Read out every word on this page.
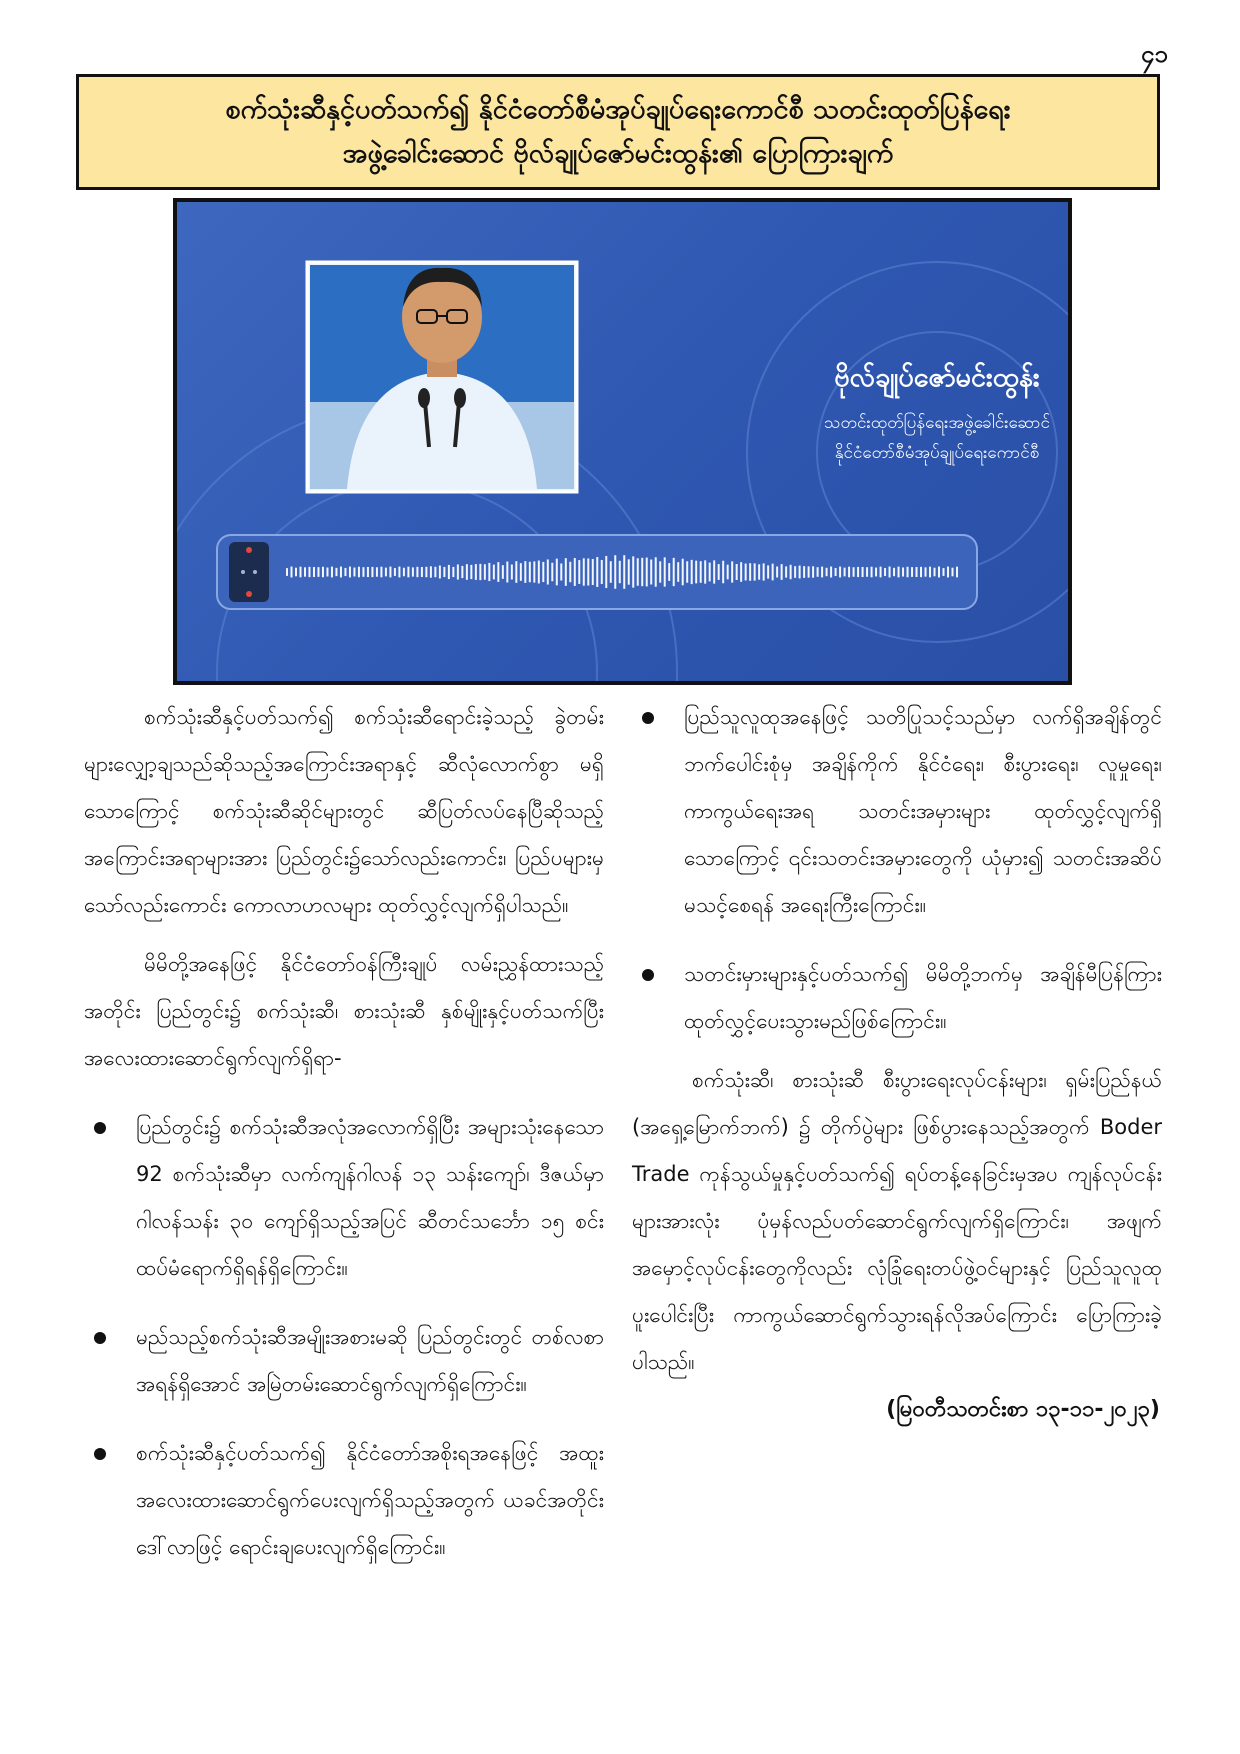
၄၁
စက်သုံးဆီနှင့်ပတ်သက်၍ နိုင်ငံတော်စီမံအုပ်ချုပ်ရေးကောင်စီ သတင်းထုတ်ပြန်ရေး
အဖွဲ့ခေါင်းဆောင် ဗိုလ်ချုပ်ဇော်မင်းထွန်း၏ ပြောကြားချက်
ဗိုလ်ချုပ်ဇော်မင်းထွန်း
သတင်းထုတ်ပြန်ရေးအဖွဲ့ခေါင်းဆောင်
နိုင်ငံတော်စီမံအုပ်ချုပ်ရေးကောင်စီ

စက်သုံးဆီနှင့်ပတ်သက်၍ စက်သုံးဆီရောင်းခဲ့သည့် ခွဲတမ်းများလျှော့ချသည်ဆိုသည့်အကြောင်းအရာနှင့် ဆီလုံလောက်စွာ မရှိသောကြောင့် စက်သုံးဆီဆိုင်များတွင် ဆီပြတ်လပ်နေပြီဆိုသည့်အကြောင်းအရာများအား ပြည်တွင်း၌သော်လည်းကောင်း၊ ပြည်ပများမှသော်လည်းကောင်း ကောလာဟလများ ထုတ်လွှင့်လျက်ရှိပါသည်။

မိမိတို့အနေဖြင့် နိုင်ငံတော်ဝန်ကြီးချုပ် လမ်းညွှန်ထားသည့်အတိုင်း ပြည်တွင်း၌ စက်သုံးဆီ၊ စားသုံးဆီ နှစ်မျိုးနှင့်ပတ်သက်ပြီး အလေးထားဆောင်ရွက်လျက်ရှိရာ-

ပြည်တွင်း၌ စက်သုံးဆီအလုံအလောက်ရှိပြီး အများသုံးနေသော 92 စက်သုံးဆီမှာ လက်ကျန်ဂါလန် ၁၃ သန်းကျော်၊ ဒီဇယ်မှာ ဂါလန်သန်း ၃၀ ကျော်ရှိသည့်အပြင် ဆီတင်သင်္ဘော ၁၅ စင်း ထပ်မံရောက်ရှိရန်ရှိကြောင်း။
မည်သည့်စက်သုံးဆီအမျိုးအစားမဆို ပြည်တွင်းတွင် တစ်လစာ အရန်ရှိအောင် အမြဲတမ်းဆောင်ရွက်လျက်ရှိကြောင်း။
စက်သုံးဆီနှင့်ပတ်သက်၍ နိုင်ငံတော်အစိုးရအနေဖြင့် အထူးအလေးထားဆောင်ရွက်ပေးလျက်ရှိသည့်အတွက် ယခင်အတိုင်း ဒေါ်လာဖြင့် ရောင်းချပေးလျက်ရှိကြောင်း။
ပြည်သူလူထုအနေဖြင့် သတိပြုသင့်သည်မှာ လက်ရှိအချိန်တွင် ဘက်ပေါင်းစုံမှ အချိန်ကိုက် နိုင်ငံရေး၊ စီးပွားရေး၊ လူမှုရေး၊ ကာကွယ်ရေးအရ သတင်းအမှားများ ထုတ်လွှင့်လျက်ရှိသောကြောင့် ၎င်းသတင်းအမှားတွေကို ယုံမှား၍ သတင်းအဆိပ် မသင့်စေရန် အရေးကြီးကြောင်း။
သတင်းမှားများနှင့်ပတ်သက်၍ မိမိတို့ဘက်မှ အချိန်မီပြန်ကြားထုတ်လွှင့်ပေးသွားမည်ဖြစ်ကြောင်း။

စက်သုံးဆီ၊ စားသုံးဆီ စီးပွားရေးလုပ်ငန်းများ၊ ရှမ်းပြည်နယ် (အရှေ့မြောက်ဘက်) ၌ တိုက်ပွဲများ ဖြစ်ပွားနေသည့်အတွက် Boder Trade ကုန်သွယ်မှုနှင့်ပတ်သက်၍ ရပ်တန့်နေခြင်းမှအပ ကျန်လုပ်ငန်းများအားလုံး ပုံမှန်လည်ပတ်ဆောင်ရွက်လျက်ရှိကြောင်း၊ အဖျက်အမှောင့်လုပ်ငန်းတွေကိုလည်း လုံခြုံရေးတပ်ဖွဲ့ဝင်များနှင့် ပြည်သူလူထုပူးပေါင်းပြီး ကာကွယ်ဆောင်ရွက်သွားရန်လိုအပ်ကြောင်း ပြောကြားခဲ့ပါသည်။

(မြဝတီသတင်းစာ ၁၃-၁၁-၂၀၂၃)
